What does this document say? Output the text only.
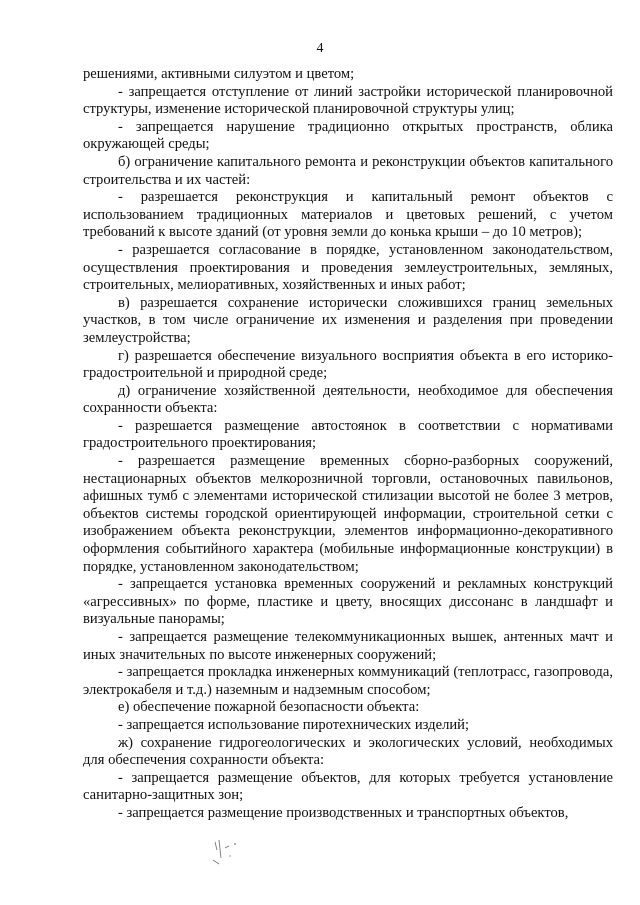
4

решениями, активными силуэтом и цветом;

- запрещается отступление от линий застройки исторической планировочной структуры, изменение исторической планировочной структуры улиц;

- запрещается нарушение традиционно открытых пространств, облика окружающей среды;

б) ограничение капитального ремонта и реконструкции объектов капитального строительства и их частей:

- разрешается реконструкция и капитальный ремонт объектов с использованием традиционных материалов и цветовых решений, с учетом требований к высоте зданий (от уровня земли до конька крыши – до 10 метров);

- разрешается согласование в порядке, установленном законодательством, осуществления проектирования и проведения землеустроительных, земляных, строительных, мелиоративных, хозяйственных и иных работ;

в) разрешается сохранение исторически сложившихся границ земельных участков, в том числе ограничение их изменения и разделения при проведении землеустройства;

г) разрешается обеспечение визуального восприятия объекта в его историко-градостроительной и природной среде;

д) ограничение хозяйственной деятельности, необходимое для обеспечения сохранности объекта:

- разрешается размещение автостоянок в соответствии с нормативами градостроительного проектирования;

- разрешается размещение временных сборно-разборных сооружений, нестационарных объектов мелкорозничной торговли, остановочных павильонов, афишных тумб с элементами исторической стилизации высотой не более 3 метров, объектов системы городской ориентирующей информации, строительной сетки с изображением объекта реконструкции, элементов информационно-декоративного оформления событийного характера (мобильные информационные конструкции) в порядке, установленном законодательством;

- запрещается установка временных сооружений и рекламных конструкций «агрессивных» по форме, пластике и цвету, вносящих диссонанс в ландшафт и визуальные панорамы;

- запрещается размещение телекоммуникационных вышек, антенных мачт и иных значительных по высоте инженерных сооружений;

- запрещается прокладка инженерных коммуникаций (теплотрасс, газопровода, электрокабеля и т.д.) наземным и надземным способом;

е) обеспечение пожарной безопасности объекта:

- запрещается использование пиротехнических изделий;

ж) сохранение гидрогеологических и экологических условий, необходимых для обеспечения сохранности объекта:

- запрещается размещение объектов, для которых требуется установление санитарно-защитных зон;

- запрещается размещение производственных и транспортных объектов,
